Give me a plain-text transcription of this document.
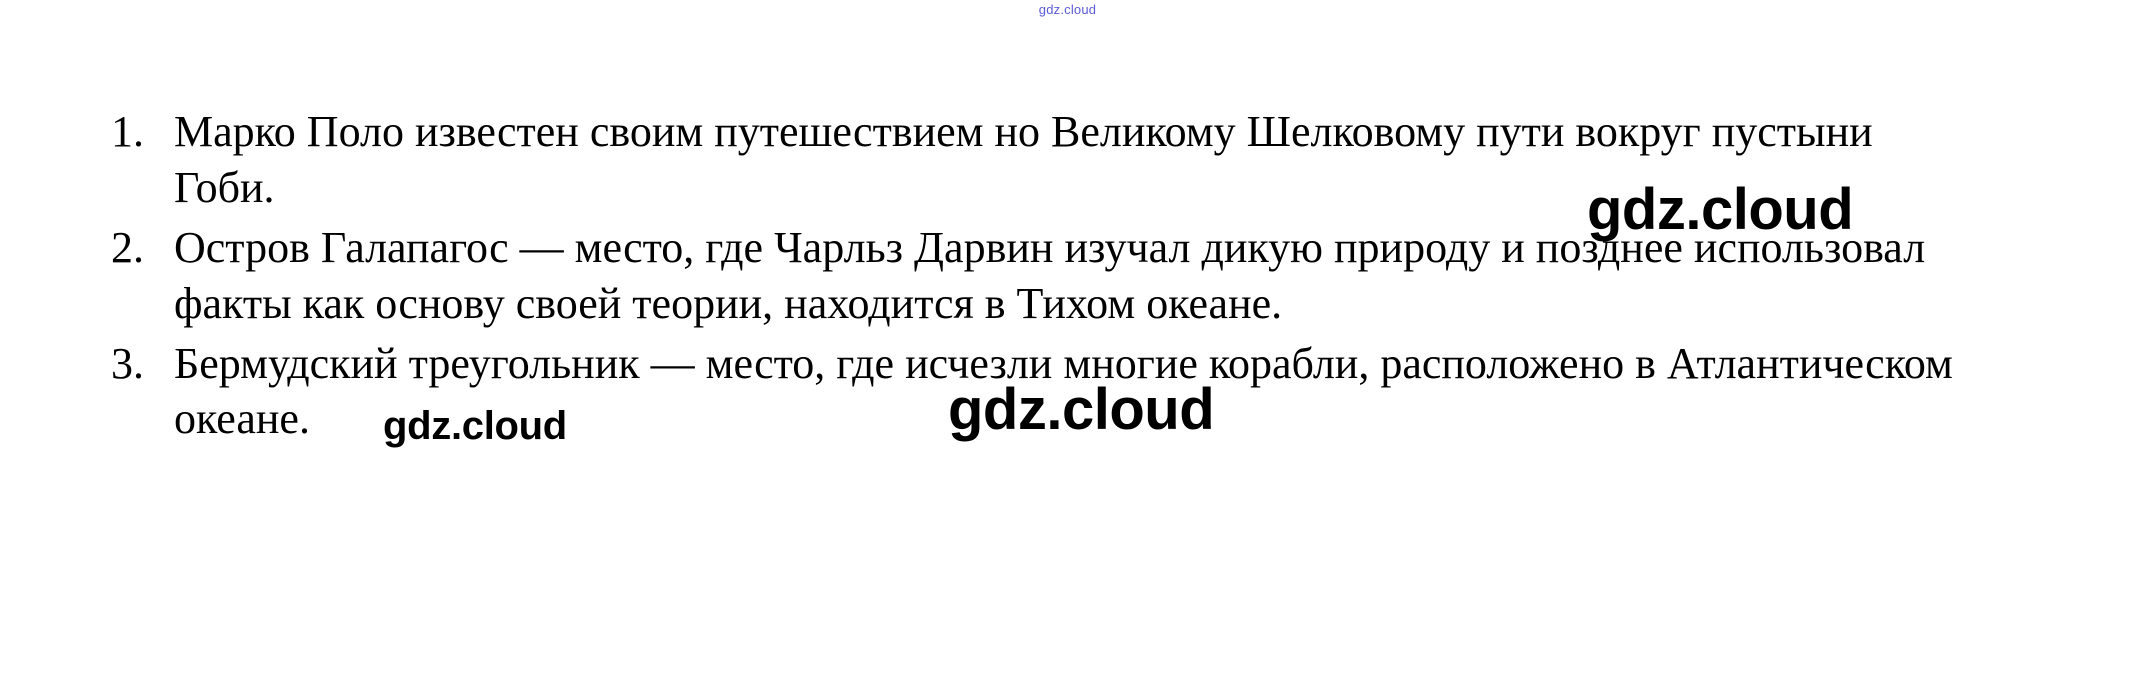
gdz.cloud
1. Марко Поло известен своим путешествием но Великому Шелковому пути вокруг пустыни Гоби.
2. Остров Галапагос — место, где Чарльз Дарвин изучал дикую природу и позднее использовал факты как основу своей теории, находится в Тихом океане.
3. Бермудский треугольник — место, где исчезли многие корабли, расположено в Атлантическом океане.
gdz.cloud
gdz.cloud	gdz.cloud
